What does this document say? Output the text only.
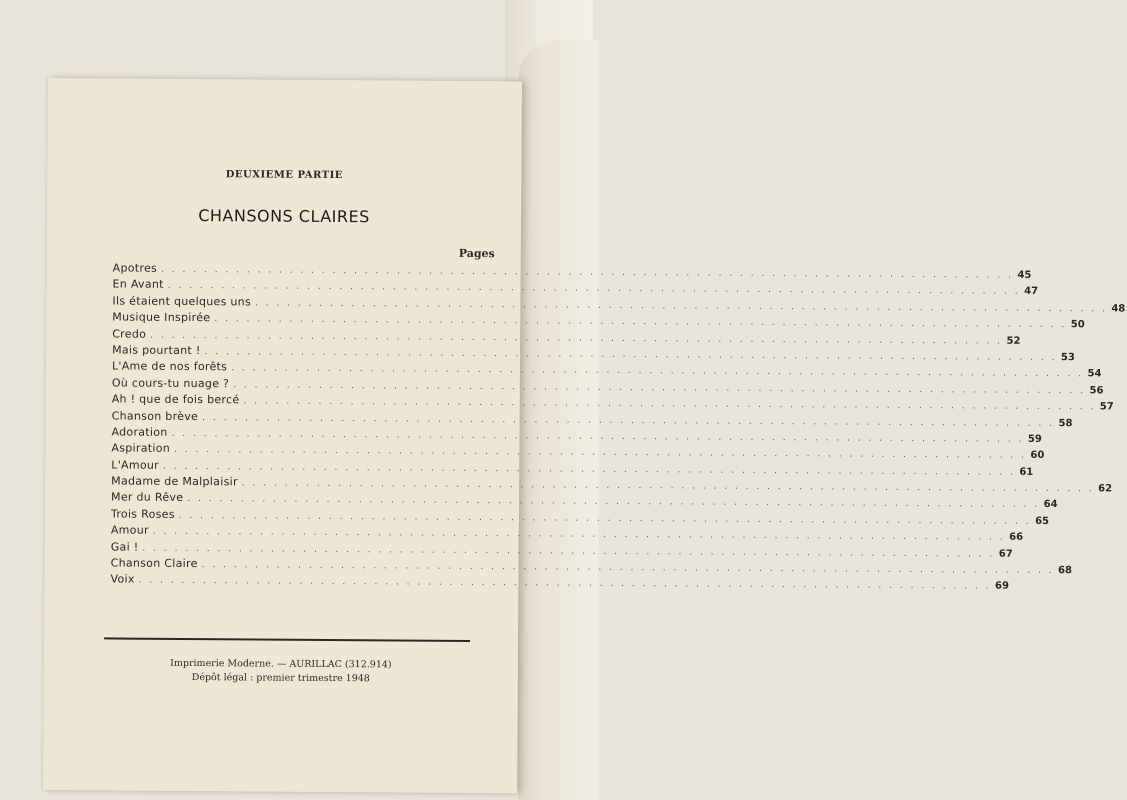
DEUXIEME PARTIE
CHANSONS CLAIRES
Pages
Apotres . . . . . . . . . . . . . . . . . . . . . . . . . . . . . . . . . . . . . . . . . . . . . . . . . . . . . . . . . . . . . . . . . . . . . . . . . . . . . . . . 45
En Avant . . . . . . . . . . . . . . . . . . . . . . . . . . . . . . . . . . . . . . . . . . . . . . . . . . . . . . . . . . . . . . . . . . . . . . . . . . . . . . . . 47
Ils étaient quelques uns . . . . . . . . . . . . . . . . . . . . . . . . . . . . . . . . . . . . . . . . . . . . . . . . . . . . . . . . . . . . . . . . . . . . . . . . . . . . . . . . 48
Musique Inspirée . . . . . . . . . . . . . . . . . . . . . . . . . . . . . . . . . . . . . . . . . . . . . . . . . . . . . . . . . . . . . . . . . . . . . . . . . . . . . . . . 50
Credo . . . . . . . . . . . . . . . . . . . . . . . . . . . . . . . . . . . . . . . . . . . . . . . . . . . . . . . . . . . . . . . . . . . . . . . . . . . . . . . . 52
Mais pourtant ! . . . . . . . . . . . . . . . . . . . . . . . . . . . . . . . . . . . . . . . . . . . . . . . . . . . . . . . . . . . . . . . . . . . . . . . . . . . . . . . . 53
L'Ame de nos forêts . . . . . . . . . . . . . . . . . . . . . . . . . . . . . . . . . . . . . . . . . . . . . . . . . . . . . . . . . . . . . . . . . . . . . . . . . . . . . . . . 54
Où cours-tu nuage ? . . . . . . . . . . . . . . . . . . . . . . . . . . . . . . . . . . . . . . . . . . . . . . . . . . . . . . . . . . . . . . . . . . . . . . . . . . . . . . . . 56
Ah ! que de fois bercé . . . . . . . . . . . . . . . . . . . . . . . . . . . . . . . . . . . . . . . . . . . . . . . . . . . . . . . . . . . . . . . . . . . . . . . . . . . . . . . . 57
Chanson brève . . . . . . . . . . . . . . . . . . . . . . . . . . . . . . . . . . . . . . . . . . . . . . . . . . . . . . . . . . . . . . . . . . . . . . . . . . . . . . . . 58
Adoration . . . . . . . . . . . . . . . . . . . . . . . . . . . . . . . . . . . . . . . . . . . . . . . . . . . . . . . . . . . . . . . . . . . . . . . . . . . . . . . . 59
Aspiration . . . . . . . . . . . . . . . . . . . . . . . . . . . . . . . . . . . . . . . . . . . . . . . . . . . . . . . . . . . . . . . . . . . . . . . . . . . . . . . . 60
L'Amour . . . . . . . . . . . . . . . . . . . . . . . . . . . . . . . . . . . . . . . . . . . . . . . . . . . . . . . . . . . . . . . . . . . . . . . . . . . . . . . . 61
Madame de Malplaisir . . . . . . . . . . . . . . . . . . . . . . . . . . . . . . . . . . . . . . . . . . . . . . . . . . . . . . . . . . . . . . . . . . . . . . . . . . . . . . . . 62
Mer du Rêve . . . . . . . . . . . . . . . . . . . . . . . . . . . . . . . . . . . . . . . . . . . . . . . . . . . . . . . . . . . . . . . . . . . . . . . . . . . . . . . . 64
Trois Roses . . . . . . . . . . . . . . . . . . . . . . . . . . . . . . . . . . . . . . . . . . . . . . . . . . . . . . . . . . . . . . . . . . . . . . . . . . . . . . . . 65
Amour . . . . . . . . . . . . . . . . . . . . . . . . . . . . . . . . . . . . . . . . . . . . . . . . . . . . . . . . . . . . . . . . . . . . . . . . . . . . . . . . 66
Gai ! . . . . . . . . . . . . . . . . . . . . . . . . . . . . . . . . . . . . . . . . . . . . . . . . . . . . . . . . . . . . . . . . . . . . . . . . . . . . . . . . 67
Chanson Claire . . . . . . . . . . . . . . . . . . . . . . . . . . . . . . . . . . . . . . . . . . . . . . . . . . . . . . . . . . . . . . . . . . . . . . . . . . . . . . . . 68
Voix . . . . . . . . . . . . . . . . . . . . . . . . . . . . . . . . . . . . . . . . . . . . . . . . . . . . . . . . . . . . . . . . . . . . . . . . . . . . . . . . 69
Imprimerie Moderne. — AURILLAC (312.914)
Dépôt légal : premier trimestre 1948
